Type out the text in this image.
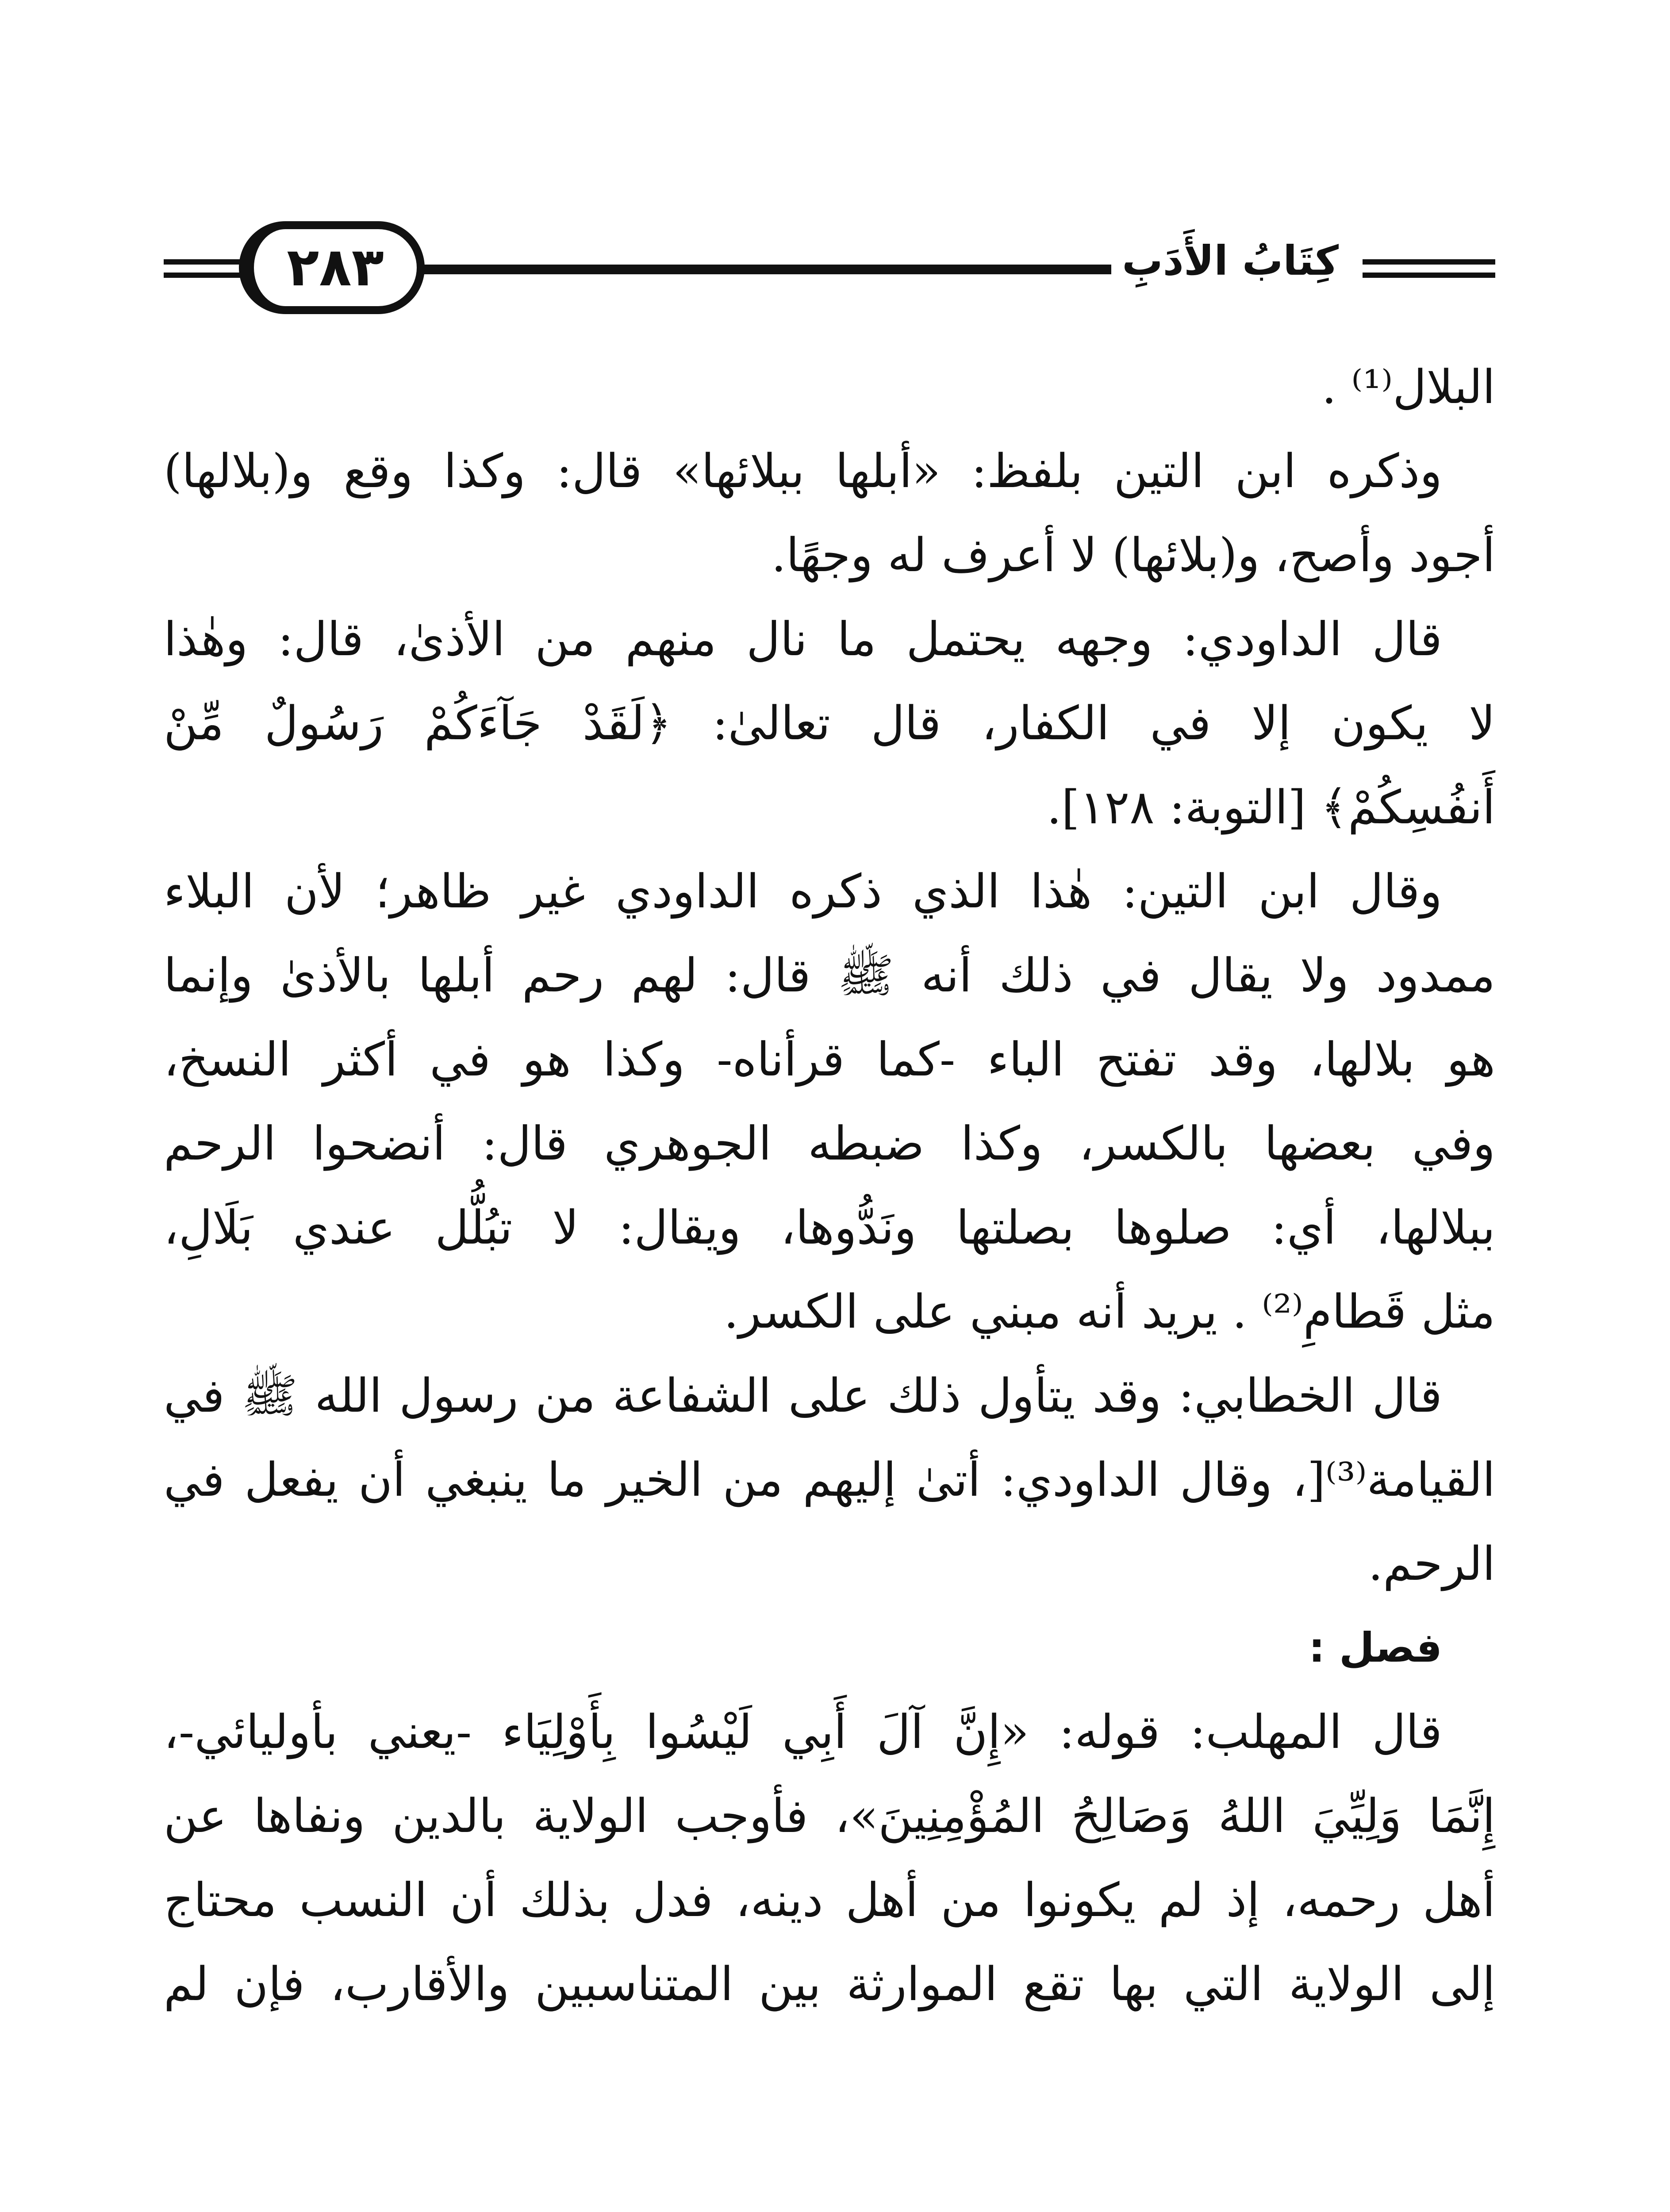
٢٨٣	كِتَابُ الأَدَبِ
البلال⁽¹⁾ .
وذكره ابن التين بلفظ: «أبلها ببلائها» قال: وكذا وقع و(بلالها)
أجود وأصح، و(بلائها) لا أعرف له وجهًا.
قال الداودي: وجهه يحتمل ما نال منهم من الأذىٰ، قال: وهٰذا
لا يكون إلا في الكفار، قال تعالىٰ: ﴿لَقَدْ جَآءَكُمْ رَسُولٌ مِّنْ
أَنفُسِكُمْ﴾ [التوبة: ١٢٨].
وقال ابن التين: هٰذا الذي ذكره الداودي غير ظاهر؛ لأن البلاء
ممدود ولا يقال في ذلك أنه ﷺ قال: لهم رحم أبلها بالأذىٰ وإنما
هو بلالها، وقد تفتح الباء -كما قرأناه- وكذا هو في أكثر النسخ،
وفي بعضها بالكسر، وكذا ضبطه الجوهري قال: أنضحوا الرحم
ببلالها، أي: صلوها بصلتها ونَدُّوها، ويقال: لا تبُلُّل عندي بَلَالِ،
مثل قَطامِ⁽²⁾ . يريد أنه مبني على الكسر.
قال الخطابي: وقد يتأول ذلك على الشفاعة من رسول الله ﷺ في
القيامة⁽³⁾[، وقال الداودي: أتىٰ إليهم من الخير ما ينبغي أن يفعل في
الرحم.
فصل :
قال المهلب: قوله: «إِنَّ آلَ أَبِي لَيْسُوا بِأَوْلِيَاء -يعني بأوليائي-،
إِنَّمَا وَلِيِّيَ اللهُ وَصَالِحُ المُؤْمِنِينَ»، فأوجب الولاية بالدين ونفاها عن
أهل رحمه، إذ لم يكونوا من أهل دينه، فدل بذلك أن النسب محتاج
إلى الولاية التي بها تقع الموارثة بين المتناسبين والأقارب، فإن لم
